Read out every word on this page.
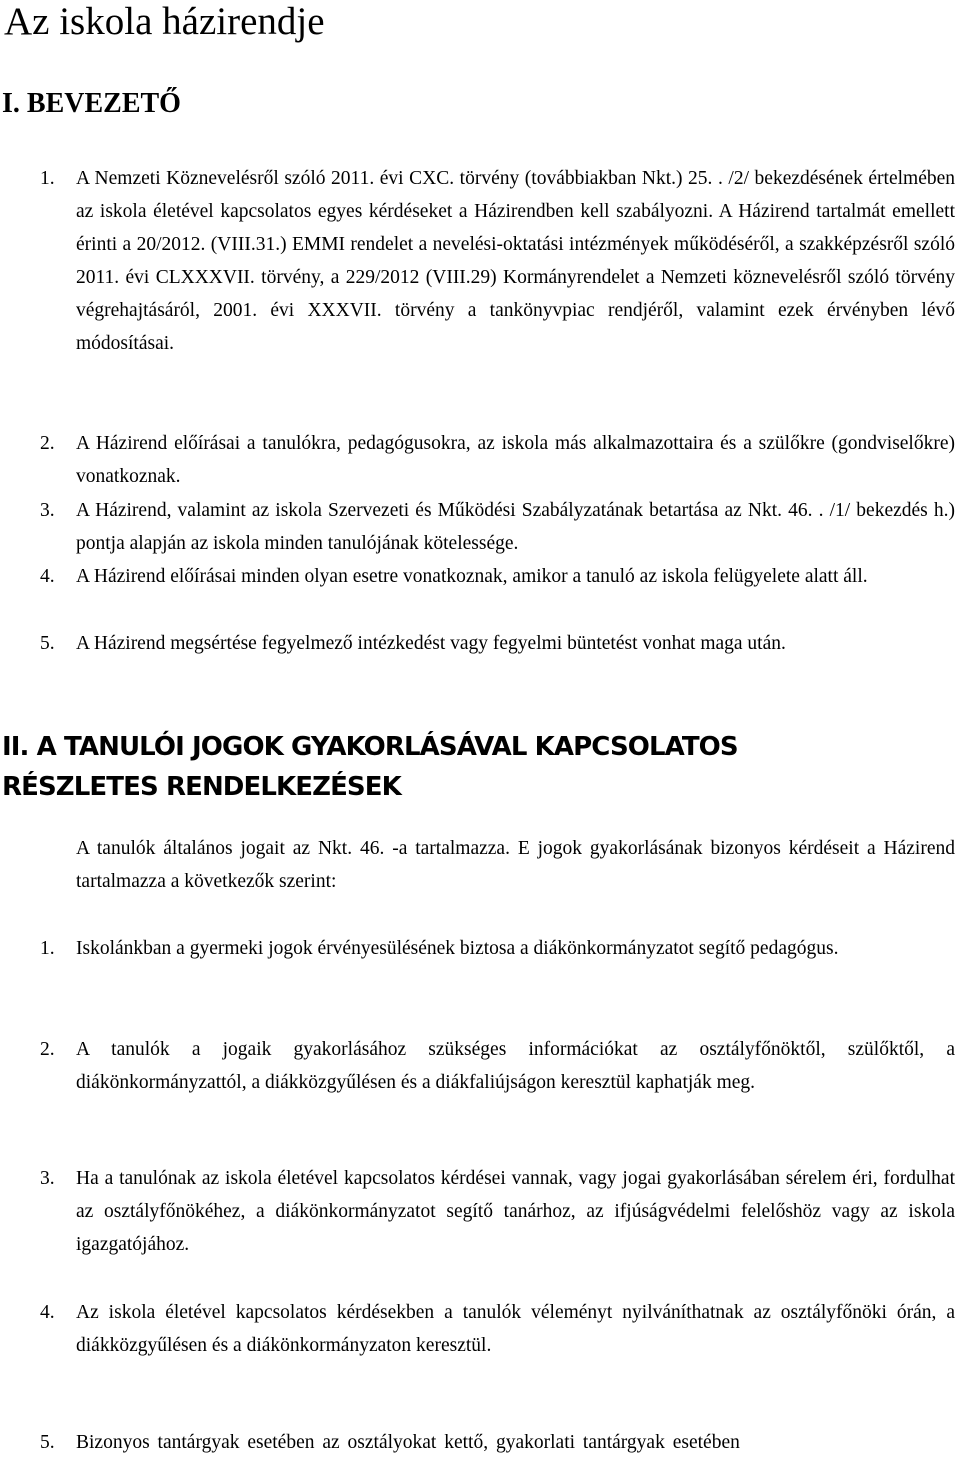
Az iskola házirendje
I. BEVEZETŐ
1.	A Nemzeti Köznevelésről szóló 2011. évi CXC. törvény (továbbiakban Nkt.) 25. . /2/ bekezdésének értelmében az iskola életével kapcsolatos egyes kérdéseket a Házirendben kell szabályozni. A Házirend tartalmát emellett érinti a 20/2012. (VIII.31.) EMMI rendelet a nevelési-oktatási intézmények működéséről, a szakképzésről szóló 2011. évi CLXXXVII. törvény, a 229/2012 (VIII.29) Kormányrendelet a Nemzeti köznevelésről szóló törvény végrehajtásáról, 2001. évi XXXVII. törvény a tankönyvpiac rendjéről, valamint ezek érvényben lévő módosításai.
2.	A Házirend előírásai a tanulókra, pedagógusokra, az iskola más alkalmazottaira és a szülőkre (gondviselőkre) vonatkoznak.
3.	A Házirend, valamint az iskola Szervezeti és Működési Szabályzatának betartása az Nkt. 46. . /1/ bekezdés h.) pontja alapján az iskola minden tanulójának kötelessége.
4.	A Házirend előírásai minden olyan esetre vonatkoznak, amikor a tanuló az iskola felügyelete alatt áll.
5.	A Házirend megsértése fegyelmező intézkedést vagy fegyelmi büntetést vonhat maga után.
II. A TANULÓI JOGOK GYAKORLÁSÁVAL KAPCSOLATOS
RÉSZLETES RENDELKEZÉSEK

A tanulók általános jogait az Nkt. 46. -a tartalmazza. E jogok gyakorlásának bizonyos kérdéseit a Házirend tartalmazza a következők szerint:

1.	Iskolánkban a gyermeki jogok érvényesülésének biztosa a diákönkormányzatot segítő pedagógus.
2.	A tanulók a jogaik gyakorlásához szükséges információkat az osztályfőnöktől, szülőktől, a diákönkormányzattól, a diákközgyűlésen és a diákfaliújságon keresztül kaphatják meg.
3.	Ha a tanulónak az iskola életével kapcsolatos kérdései vannak, vagy jogai gyakorlásában sérelem éri, fordulhat az osztályfőnökéhez, a diákönkormányzatot segítő tanárhoz, az ifjúságvédelmi felelőshöz vagy az iskola igazgatójához.
4.	Az iskola életével kapcsolatos kérdésekben a tanulók véleményt nyilváníthatnak az osztályfőnöki órán, a diákközgyűlésen és a diákönkormányzaton keresztül.
5.	Bizonyos tantárgyak esetében az osztályokat kettő, gyakorlati tantárgyak esetében
